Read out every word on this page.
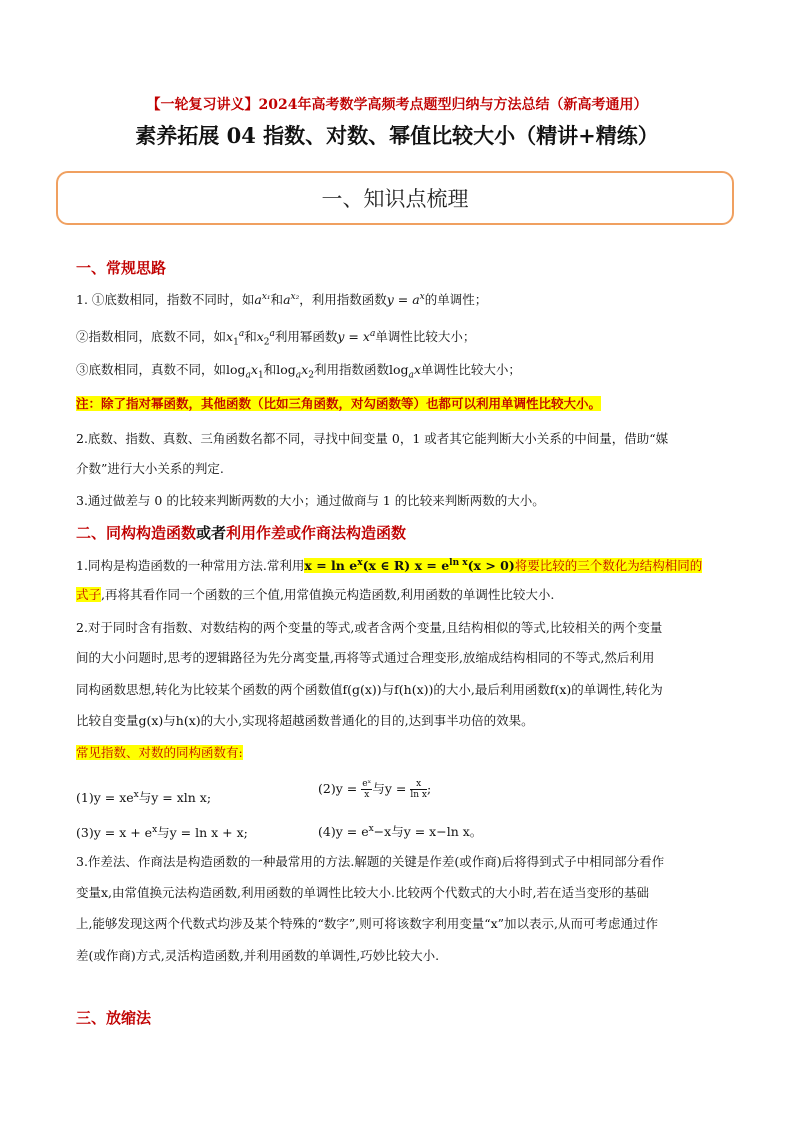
【一轮复习讲义】2024年高考数学高频考点题型归纳与方法总结（新高考通用）
素养拓展 04 指数、对数、幂值比较大小（精讲+精练）
一、知识点梳理
一、常规思路
1. ①底数相同，指数不同时，如$a^{x_1}$和$a^{x_2}$，利用指数函数$y = a^x$的单调性；
②指数相同，底数不同，如$x_1^a$和$x_2^a$利用幂函数$y = x^a$单调性比较大小；
③底数相同，真数不同，如$\log_ax_1$和$\log_ax_2$利用指数函数$\log_ax$单调性比较大小；
注：除了指对幂函数，其他函数（比如三角函数，对勾函数等）也都可以利用单调性比较大小。
2.底数、指数、真数、三角函数名都不同，寻找中间变量 0，1 或者其它能判断大小关系的中间量，借助“媒
介数”进行大小关系的判定.
3.通过做差与 0 的比较来判断两数的大小；通过做商与 1 的比较来判断两数的大小。
二、同构构造函数或者利用作差或作商法构造函数
1.同构是构造函数的一种常用方法.常利用$x = \ln e^x(x$ ∈ R) $x = e^{ln x}(x > 0)$将要比较的三个数化为结构相同的
式子,再将其看作同一个函数的三个值,用常值换元构造函数,利用函数的单调性比较大小.
2.对于同时含有指数、对数结构的两个变量的等式,或者含两个变量,且结构相似的等式,比较相关的两个变量
间的大小问题时,思考的逻辑路径为先分离变量,再将等式通过合理变形,放缩成结构相同的不等式,然后利用
同构函数思想,转化为比较某个函数的两个函数值f(g(x))与f(h(x))的大小,最后利用函数f(x)的单调性,转化为
比较自变量g(x)与h(x)的大小,实现将超越函数普通化的目的,达到事半功倍的效果。
常见指数、对数的同构函数有:
$(1)y = xe^x$与y = xln x;
$(2)y = \frac{\text{eˣ}}{x}$ 与$y = \frac{x}{\text{ln x}}$ ;
$(3)y = x + e^x$与y = ln x + x;	$(4)y = e^x-x$与y = x−ln x。
3.作差法、作商法是构造函数的一种最常用的方法.解题的关键是作差(或作商)后将得到式子中相同部分看作
变量x,由常值换元法构造函数,利用函数的单调性比较大小.比较两个代数式的大小时,若在适当变形的基础
上,能够发现这两个代数式均涉及某个特殊的“数字”,则可将该数字利用变量“x”加以表示,从而可考虑通过作
差(或作商)方式,灵活构造函数,并利用函数的单调性,巧妙比较大小.
三、放缩法
